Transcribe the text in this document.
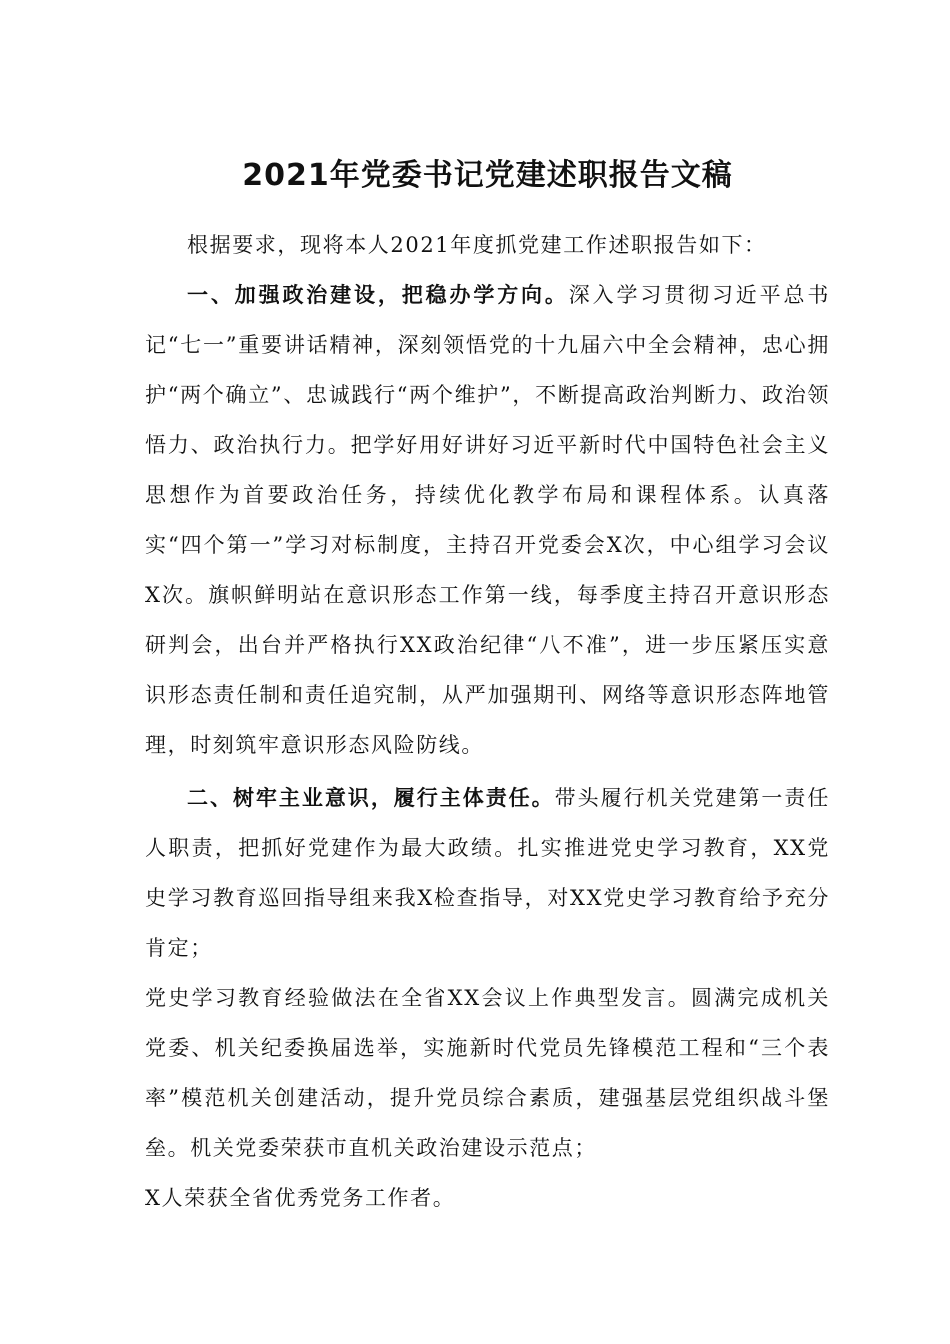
2021年党委书记党建述职报告文稿

根据要求，现将本人2021年度抓党建工作述职报告如下：

一、加强政治建设，把稳办学方向。深入学习贯彻习近平总书记“七一”重要讲话精神，深刻领悟党的十九届六中全会精神，忠心拥护“两个确立”、忠诚践行“两个维护”，不断提高政治判断力、政治领悟力、政治执行力。把学好用好讲好习近平新时代中国特色社会主义思想作为首要政治任务，持续优化教学布局和课程体系。认真落实“四个第一”学习对标制度，主持召开党委会X次，中心组学习会议X次。旗帜鲜明站在意识形态工作第一线，每季度主持召开意识形态研判会，出台并严格执行XX政治纪律“八不准”，进一步压紧压实意识形态责任制和责任追究制，从严加强期刊、网络等意识形态阵地管理，时刻筑牢意识形态风险防线。

二、树牢主业意识，履行主体责任。带头履行机关党建第一责任人职责，把抓好党建作为最大政绩。扎实推进党史学习教育，XX党史学习教育巡回指导组来我X检查指导，对XX党史学习教育给予充分肯定；

党史学习教育经验做法在全省XX会议上作典型发言。圆满完成机关党委、机关纪委换届选举，实施新时代党员先锋模范工程和“三个表率”模范机关创建活动，提升党员综合素质，建强基层党组织战斗堡垒。机关党委荣获市直机关政治建设示范点；

X人荣获全省优秀党务工作者。
